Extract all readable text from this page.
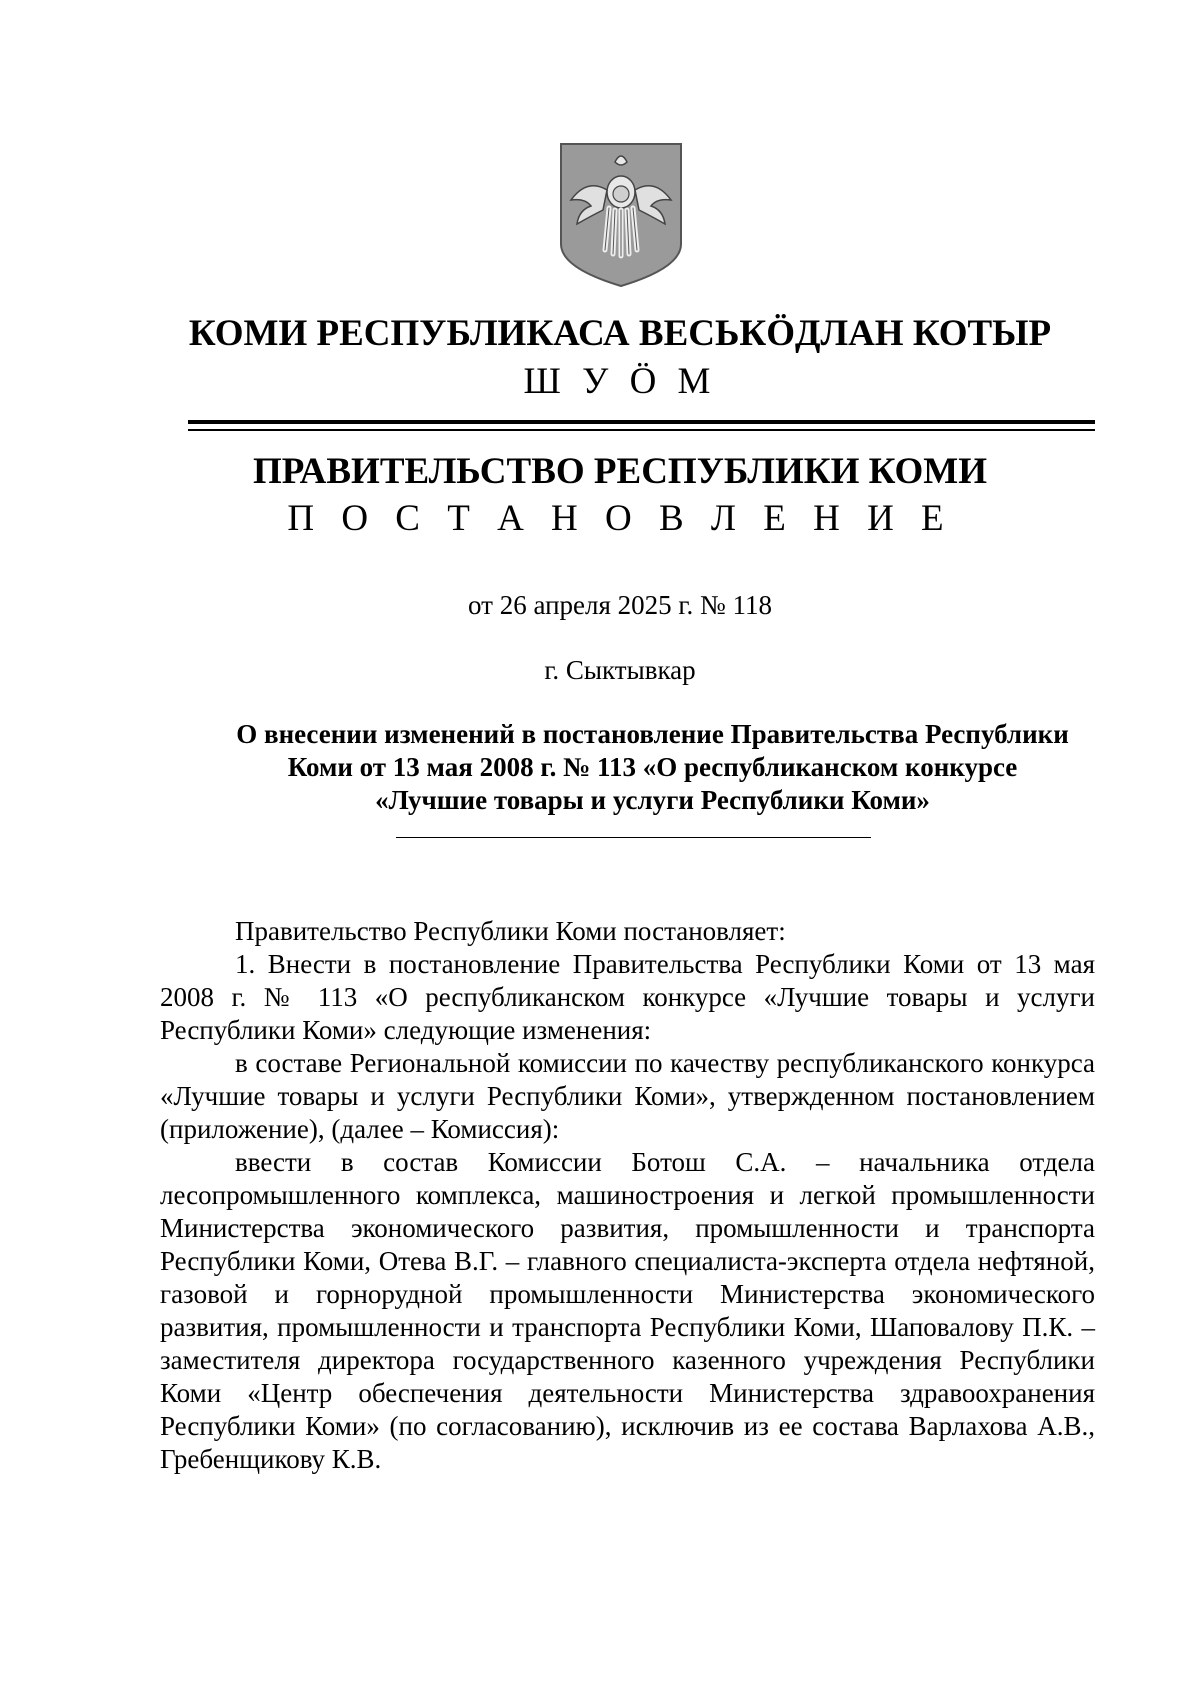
КОМИ РЕСПУБЛИКАСА ВЕСЬКӦДЛАН КОТЫР
Ш У Ӧ М
ПРАВИТЕЛЬСТВО РЕСПУБЛИКИ КОМИ
П О С Т А Н О В Л Е Н И Е
от 26 апреля 2025 г. № 118
г. Сыктывкар
О внесении изменений в постановление Правительства Республики
Коми от 13 мая 2008 г. № 113 «О республиканском конкурсе
«Лучшие товары и услуги Республики Коми»

Правительство Республики Коми постановляет:

1. Внести в постановление Правительства Республики Коми от 13 мая 2008 г. № 113 «О республиканском конкурсе «Лучшие товары и услуги Республики Коми» следующие изменения:

в составе Региональной комиссии по качеству республиканского конкурса «Лучшие товары и услуги Республики Коми», утвержденном постановлением (приложение), (далее – Комиссия):

ввести в состав Комиссии Ботош С.А. – начальника отдела лесопромышленного комплекса, машиностроения и легкой промышленности Министерства экономического развития, промышленности и транспорта Республики Коми, Отева В.Г. – главного специалиста-эксперта отдела нефтяной, газовой и горнорудной промышленности Министерства экономического развития, промышленности и транспорта Республики Коми, Шаповалову П.К. – заместителя директора государственного казенного учреждения Республики Коми «Центр обеспечения деятельности Министерства здравоохранения Республики Коми» (по согласованию), исключив из ее состава Варлахова А.В., Гребенщикову К.В.
